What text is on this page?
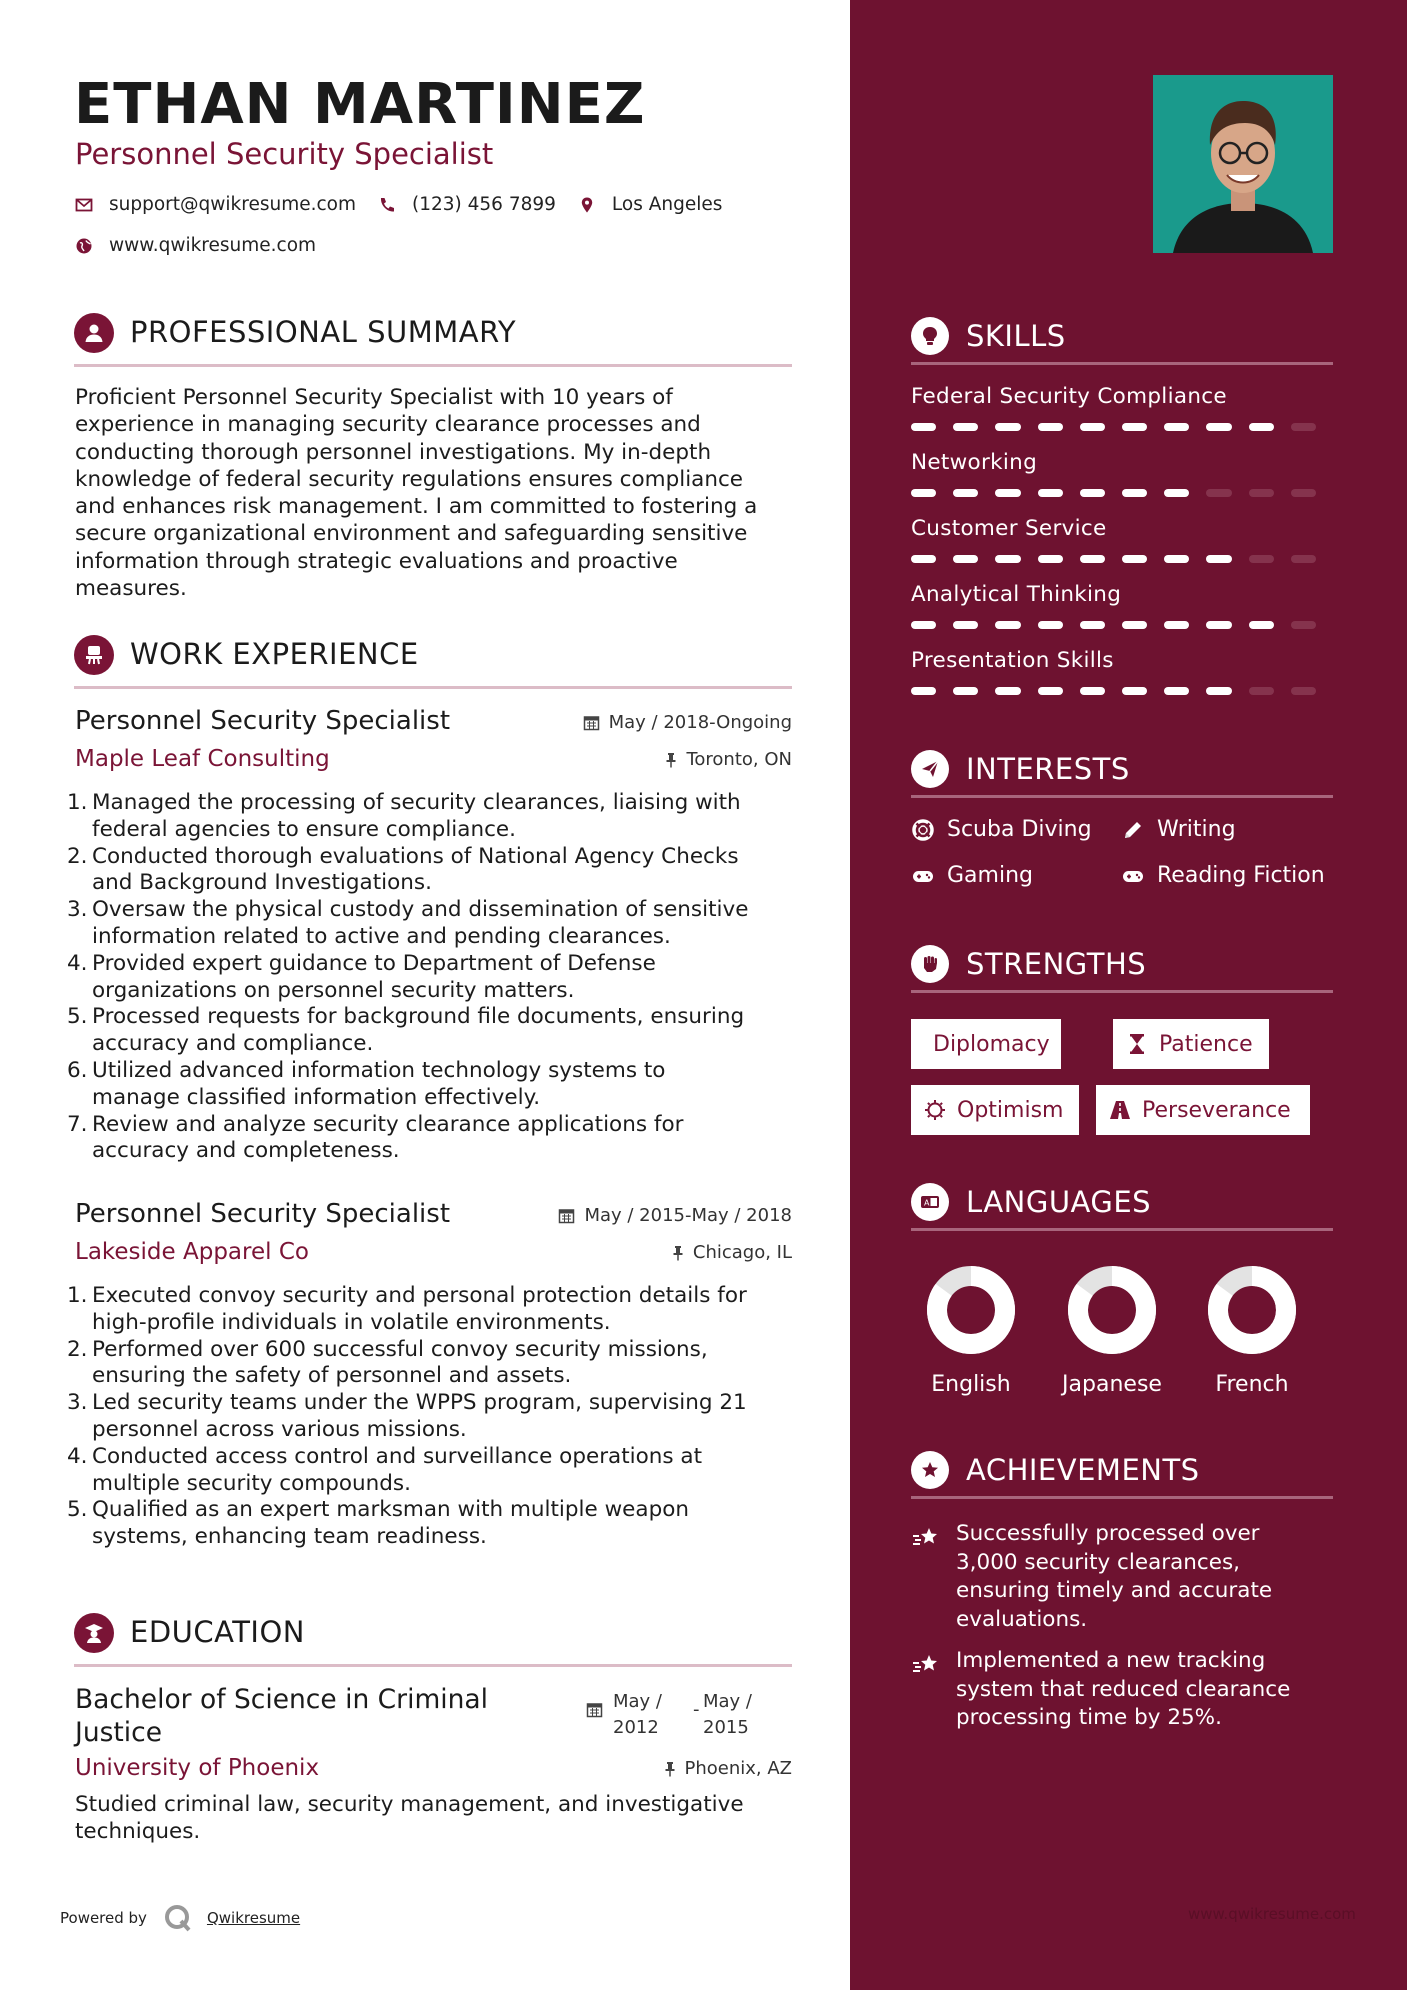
ETHAN MARTINEZ
Personnel Security Specialist
support@qwikresume.com	(123) 456 7899	Los Angeles
www.qwikresume.com
PROFESSIONAL SUMMARY
Proficient Personnel Security Specialist with 10 years of
experience in managing security clearance processes and
conducting thorough personnel investigations. My in-depth
knowledge of federal security regulations ensures compliance
and enhances risk management. I am committed to fostering a
secure organizational environment and safeguarding sensitive
information through strategic evaluations and proactive
measures.
WORK EXPERIENCE
Personnel Security Specialist	May / 2018-Ongoing
Maple Leaf Consulting	Toronto, ON
1. Managed the processing of security clearances, liaising with
federal agencies to ensure compliance.
2. Conducted thorough evaluations of National Agency Checks
and Background Investigations.
3. Oversaw the physical custody and dissemination of sensitive
information related to active and pending clearances.
4. Provided expert guidance to Department of Defense
organizations on personnel security matters.
5. Processed requests for background file documents, ensuring
accuracy and compliance.
6. Utilized advanced information technology systems to
manage classified information effectively.
7. Review and analyze security clearance applications for
accuracy and completeness.
Personnel Security Specialist	May / 2015-May / 2018
Lakeside Apparel Co	Chicago, IL
1. Executed convoy security and personal protection details for
high-profile individuals in volatile environments.
2. Performed over 600 successful convoy security missions,
ensuring the safety of personnel and assets.
3. Led security teams under the WPPS program, supervising 21
personnel across various missions.
4. Conducted access control and surveillance operations at
multiple security compounds.
5. Qualified as an expert marksman with multiple weapon
systems, enhancing team readiness.
EDUCATION
Bachelor of Science in Criminal
Justice
May /
2012
- May /
2015
University of Phoenix	Phoenix, AZ
Studied criminal law, security management, and investigative
techniques.
Powered by	Qwikresume
SKILLS
Federal Security Compliance
Networking
Customer Service
Analytical Thinking
Presentation Skills
INTERESTS
Scuba Diving	Writing
Gaming	Reading Fiction
STRENGTHS
Diplomacy	Patience
Optimism	Perseverance
A LANGUAGES
English	Japanese	French
ACHIEVEMENTS
Successfully processed over
3,000 security clearances,
ensuring timely and accurate
evaluations.
Implemented a new tracking
system that reduced clearance
processing time by 25%.
www.qwikresume.com
